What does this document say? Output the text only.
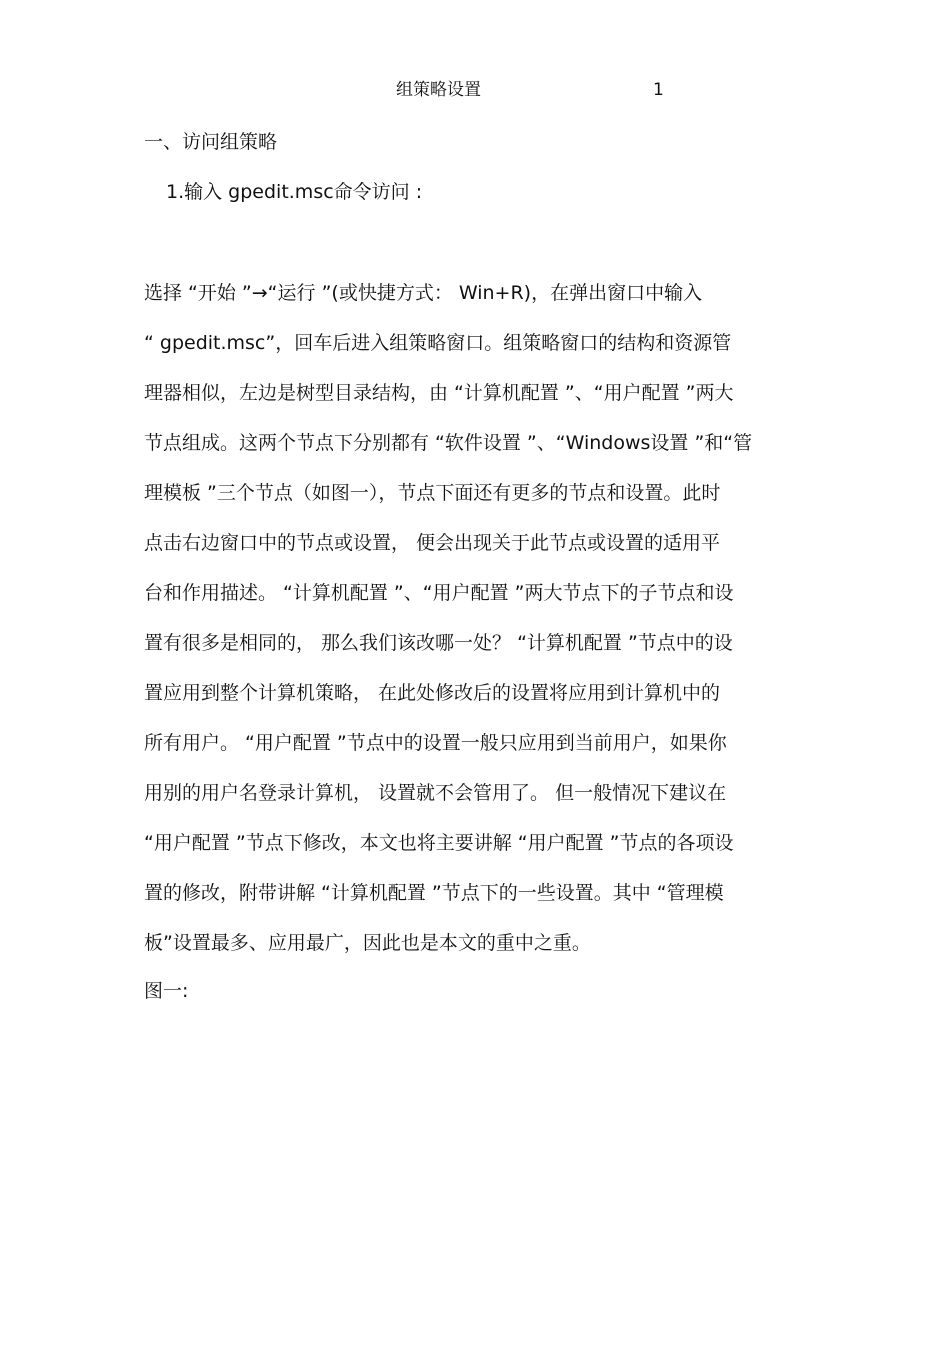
组策略设置	1
一、访问组策略
1.输入 gpedit.msc命令访问 :
选择 “开始 ”→“运行 ”(或快捷方式： Win+R)，在弹出窗口中输入
“ gpedit.msc”，回车后进入组策略窗口。组策略窗口的结构和资源管
理器相似，左边是树型目录结构，由 “计算机配置 ”、“用户配置 ”两大
节点组成。这两个节点下分别都有 “软件设置 ”、“Windows设置 ”和“管
理模板 ”三个节点（如图一），节点下面还有更多的节点和设置。此时
点击右边窗口中的节点或设置， 便会出现关于此节点或设置的适用平
台和作用描述。 “计算机配置 ”、“用户配置 ”两大节点下的子节点和设
置有很多是相同的， 那么我们该改哪一处？ “计算机配置 ”节点中的设
置应用到整个计算机策略， 在此处修改后的设置将应用到计算机中的
所有用户。 “用户配置 ”节点中的设置一般只应用到当前用户，如果你
用别的用户名登录计算机， 设置就不会管用了。 但一般情况下建议在
“用户配置 ”节点下修改，本文也将主要讲解 “用户配置 ”节点的各项设
置的修改，附带讲解 “计算机配置 ”节点下的一些设置。其中 “管理模
板”设置最多、应用最广，因此也是本文的重中之重。
图一:
